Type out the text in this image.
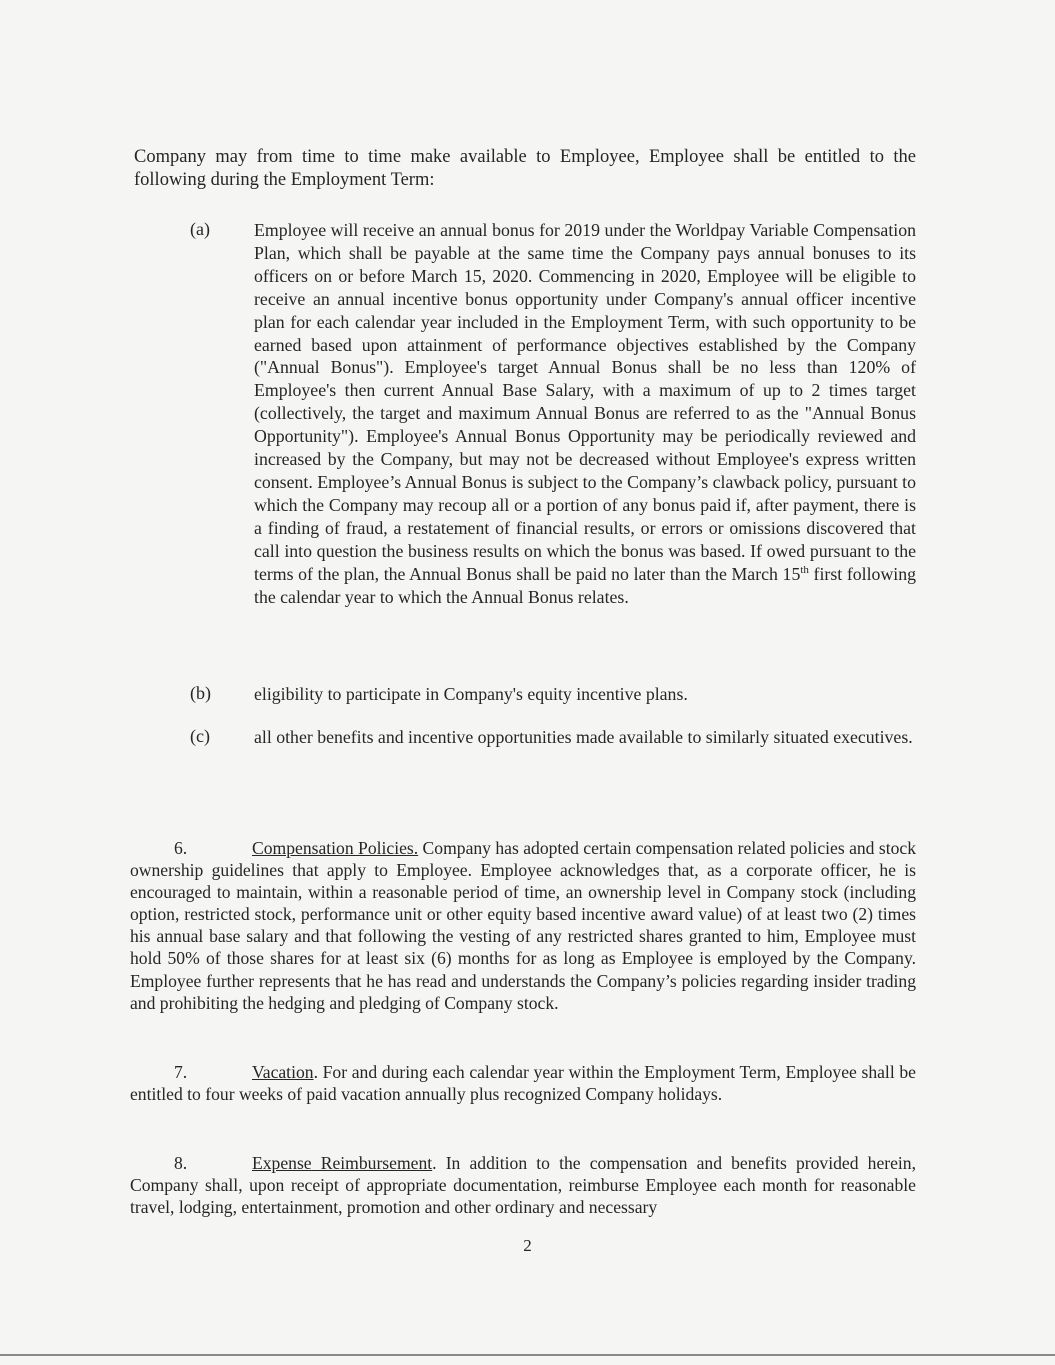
Company may from time to time make available to Employee, Employee shall be entitled to the following during the Employment Term:
(a) Employee will receive an annual bonus for 2019 under the Worldpay Variable Compensation Plan, which shall be payable at the same time the Company pays annual bonuses to its officers on or before March 15, 2020. Commencing in 2020, Employee will be eligible to receive an annual incentive bonus opportunity under Company's annual officer incentive plan for each calendar year included in the Employment Term, with such opportunity to be earned based upon attainment of performance objectives established by the Company ("Annual Bonus"). Employee's target Annual Bonus shall be no less than 120% of Employee's then current Annual Base Salary, with a maximum of up to 2 times target (collectively, the target and maximum Annual Bonus are referred to as the "Annual Bonus Opportunity"). Employee's Annual Bonus Opportunity may be periodically reviewed and increased by the Company, but may not be decreased without Employee's express written consent. Employee’s Annual Bonus is subject to the Company’s clawback policy, pursuant to which the Company may recoup all or a portion of any bonus paid if, after payment, there is a finding of fraud, a restatement of financial results, or errors or omissions discovered that call into question the business results on which the bonus was based. If owed pursuant to the terms of the plan, the Annual Bonus shall be paid no later than the March 15th first following the calendar year to which the Annual Bonus relates.
(b) eligibility to participate in Company's equity incentive plans.
(c) all other benefits and incentive opportunities made available to similarly situated executives.
6.	Compensation Policies. Company has adopted certain compensation related policies and stock ownership guidelines that apply to Employee. Employee acknowledges that, as a corporate officer, he is encouraged to maintain, within a reasonable period of time, an ownership level in Company stock (including option, restricted stock, performance unit or other equity based incentive award value) of at least two (2) times his annual base salary and that following the vesting of any restricted shares granted to him, Employee must hold 50% of those shares for at least six (6) months for as long as Employee is employed by the Company. Employee further represents that he has read and understands the Company’s policies regarding insider trading and prohibiting the hedging and pledging of Company stock.
7.	Vacation. For and during each calendar year within the Employment Term, Employee shall be entitled to four weeks of paid vacation annually plus recognized Company holidays.
8.	Expense Reimbursement. In addition to the compensation and benefits provided herein, Company shall, upon receipt of appropriate documentation, reimburse Employee each month for reasonable travel, lodging, entertainment, promotion and other ordinary and necessary
2
